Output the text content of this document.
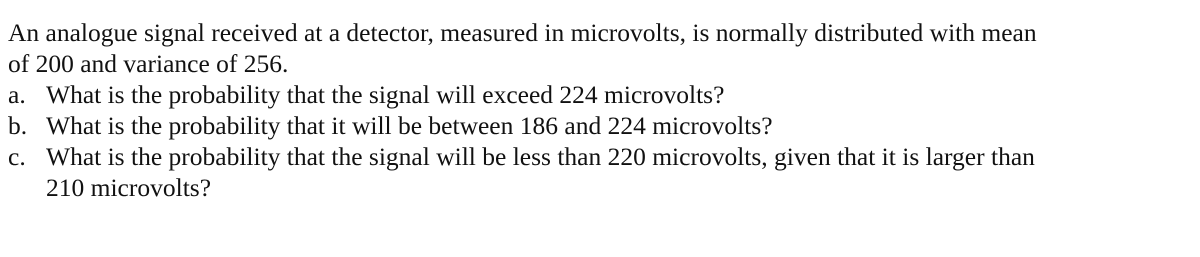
An analogue signal received at a detector, measured in microvolts, is normally distributed with mean
of 200 and variance of 256.

a. What is the probability that the signal will exceed 224 microvolts?
b. What is the probability that it will be between 186 and 224 microvolts?
c. What is the probability that the signal will be less than 220 microvolts, given that it is larger than
210 microvolts?
